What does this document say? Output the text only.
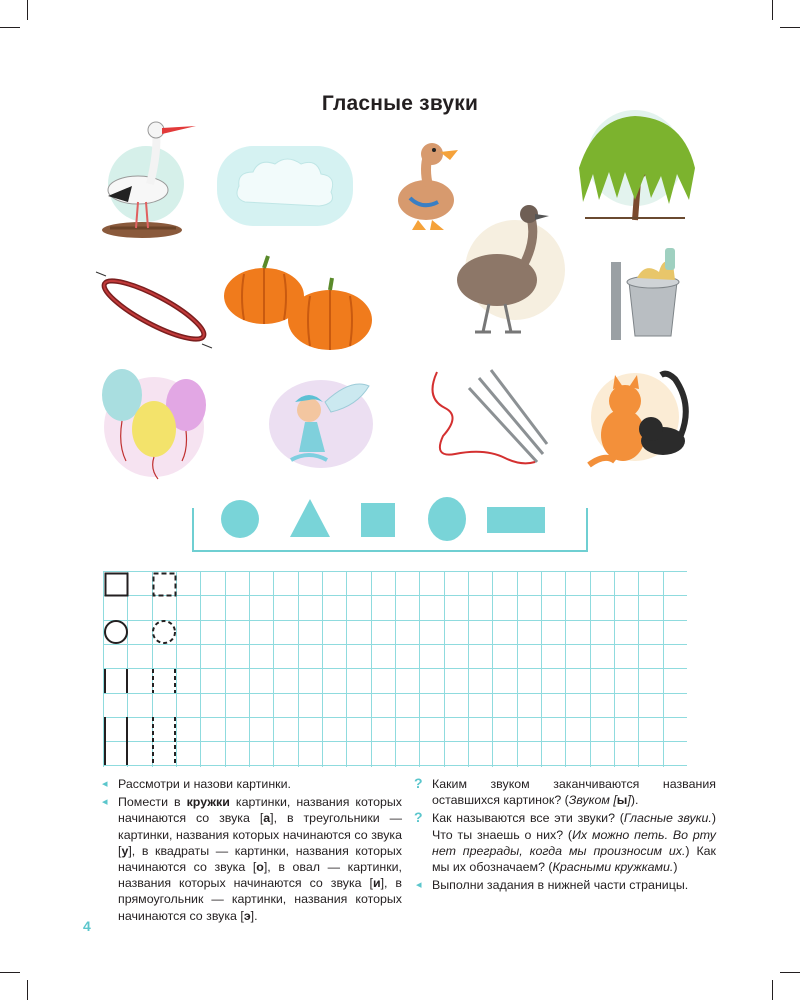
Гласные звуки

◂ Рассмотри и назови картинки.

◂ Помести в кружки картинки, названия которых начинаются со звука [а], в треугольники — картинки, названия которых начинаются со звука [у], в квадраты — картинки, названия которых начинаются со звука [о], в овал — картинки, названия которых начинаются со звука [и], в прямоугольник — картинки, названия которых начинаются со звука [э].

? Каким звуком заканчиваются названия оставшихся картинок? (Звуком [ы]).

? Как называются все эти звуки? (Гласные звуки.) Что ты знаешь о них? (Их можно петь. Во рту нет преграды, когда мы произносим их.) Как мы их обозначаем? (Красными кружками.)

◂ Выполни задания в нижней части страницы.

4
